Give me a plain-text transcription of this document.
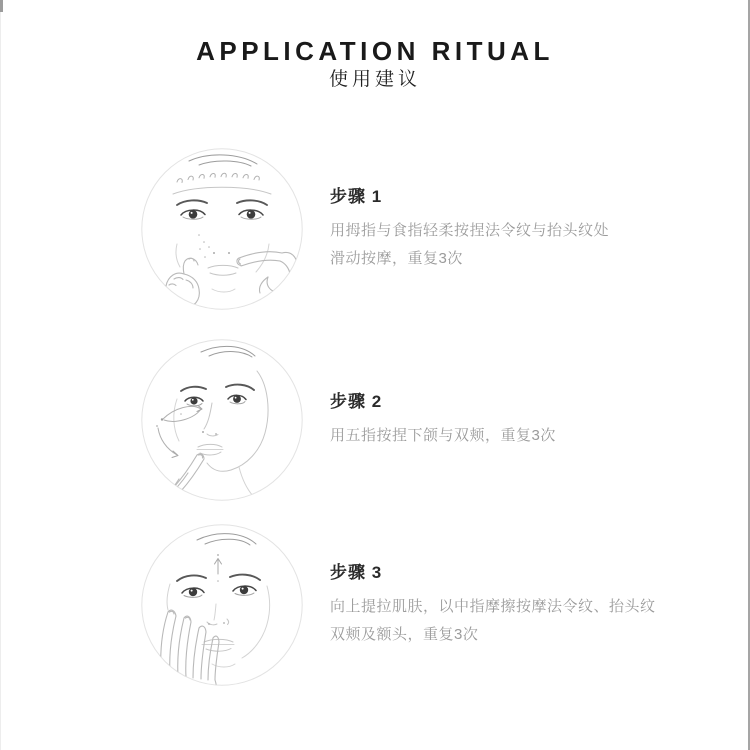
APPLICATION RITUAL
使用建议
步骤 1
用拇指与食指轻柔按捏法令纹与抬头纹处
滑动按摩，重复3次
步骤 2
用五指按捏下颌与双颊，重复3次
步骤 3
向上提拉肌肤，以中指摩擦按摩法令纹、抬头纹
双颊及额头，重复3次
